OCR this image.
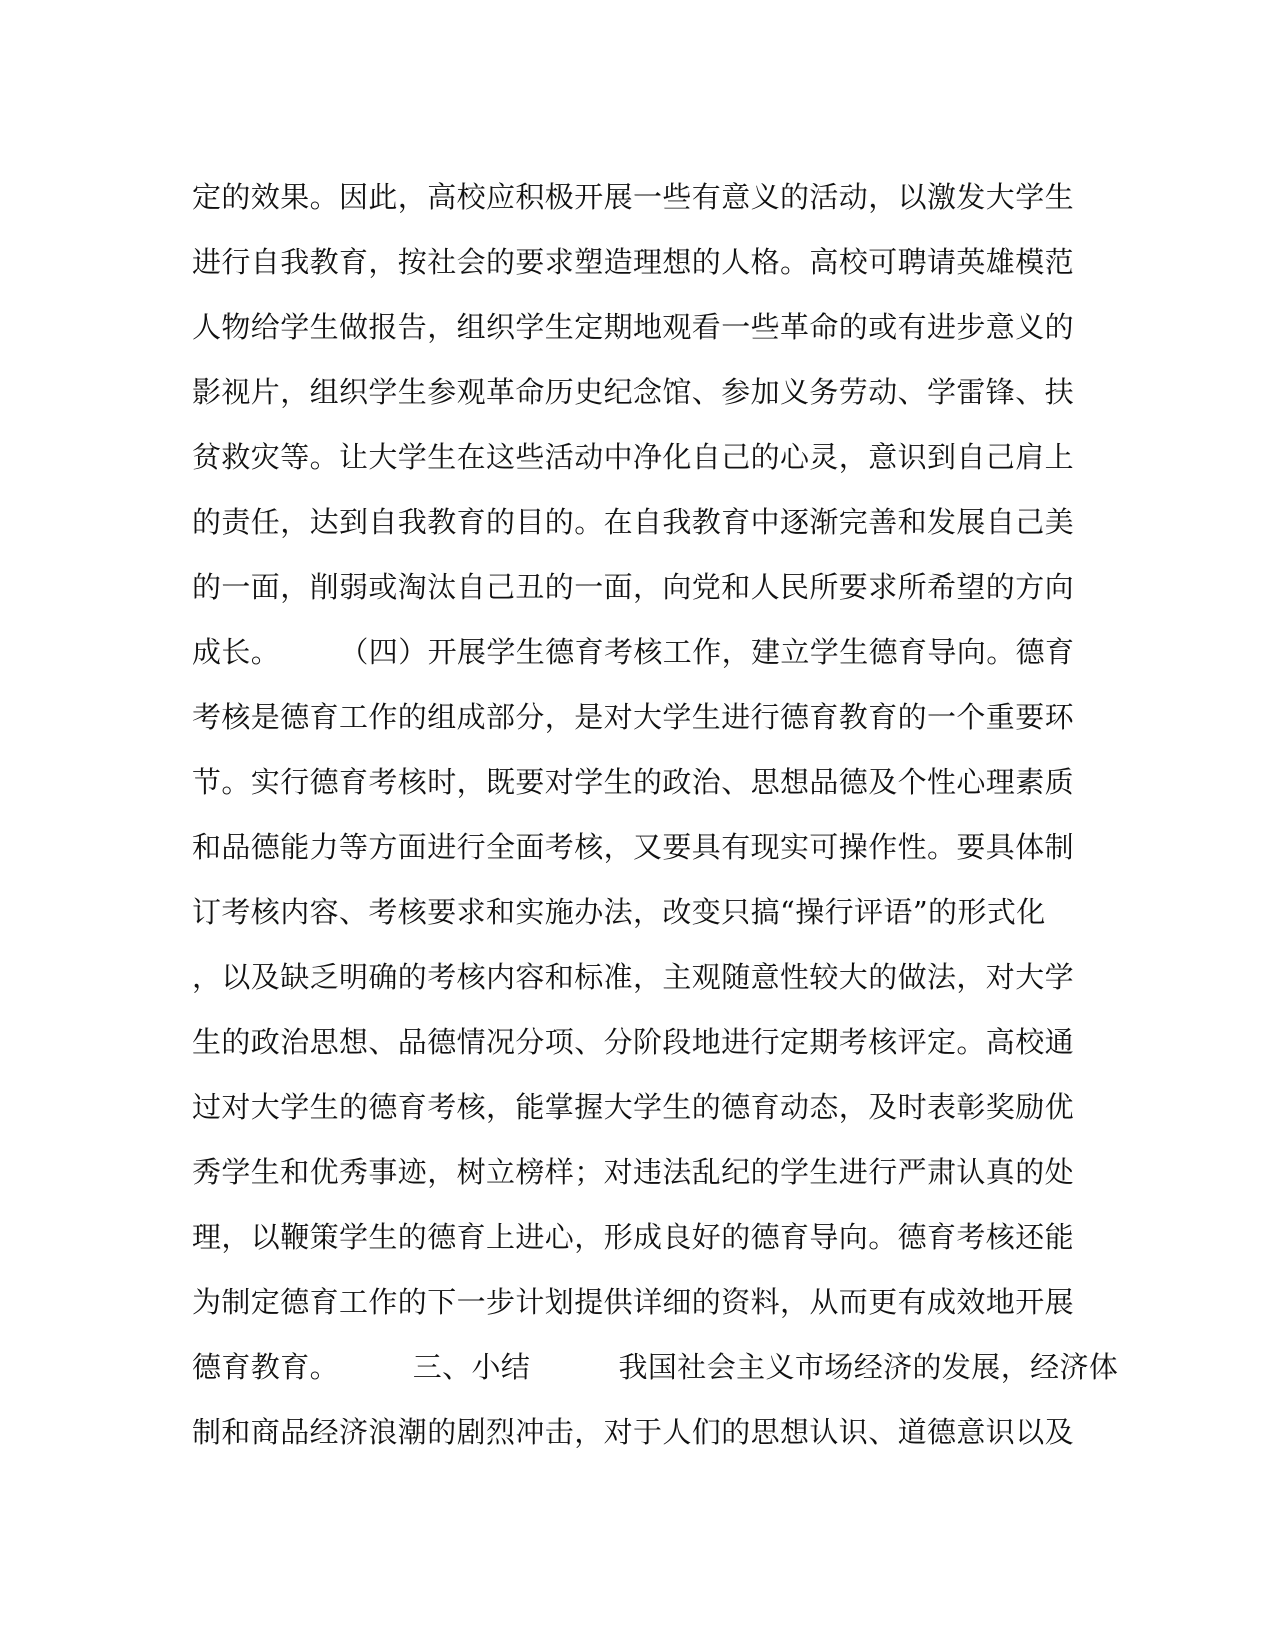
定的效果。因此，高校应积极开展一些有意义的活动，以激发大学生
进行自我教育，按社会的要求塑造理想的人格。高校可聘请英雄模范
人物给学生做报告，组织学生定期地观看一些革命的或有进步意义的
影视片，组织学生参观革命历史纪念馆、参加义务劳动、学雷锋、扶
贫救灾等。让大学生在这些活动中净化自己的心灵，意识到自己肩上
的责任，达到自我教育的目的。在自我教育中逐渐完善和发展自己美
的一面，削弱或淘汰自己丑的一面，向党和人民所要求所希望的方向
成长。　　　（四）开展学生德育考核工作，建立学生德育导向。德育
考核是德育工作的组成部分，是对大学生进行德育教育的一个重要环
节。实行德育考核时，既要对学生的政治、思想品德及个性心理素质
和品德能力等方面进行全面考核，又要具有现实可操作性。要具体制
订考核内容、考核要求和实施办法，改变只搞“操行评语”的形式化
，以及缺乏明确的考核内容和标准，主观随意性较大的做法，对大学
生的政治思想、品德情况分项、分阶段地进行定期考核评定。高校通
过对大学生的德育考核，能掌握大学生的德育动态，及时表彰奖励优
秀学生和优秀事迹，树立榜样；对违法乱纪的学生进行严肃认真的处
理，以鞭策学生的德育上进心，形成良好的德育导向。德育考核还能
为制定德育工作的下一步计划提供详细的资料，从而更有成效地开展
德育教育。　　　三、小结　　　我国社会主义市场经济的发展，经济体
制和商品经济浪潮的剧烈冲击，对于人们的思想认识、道德意识以及
